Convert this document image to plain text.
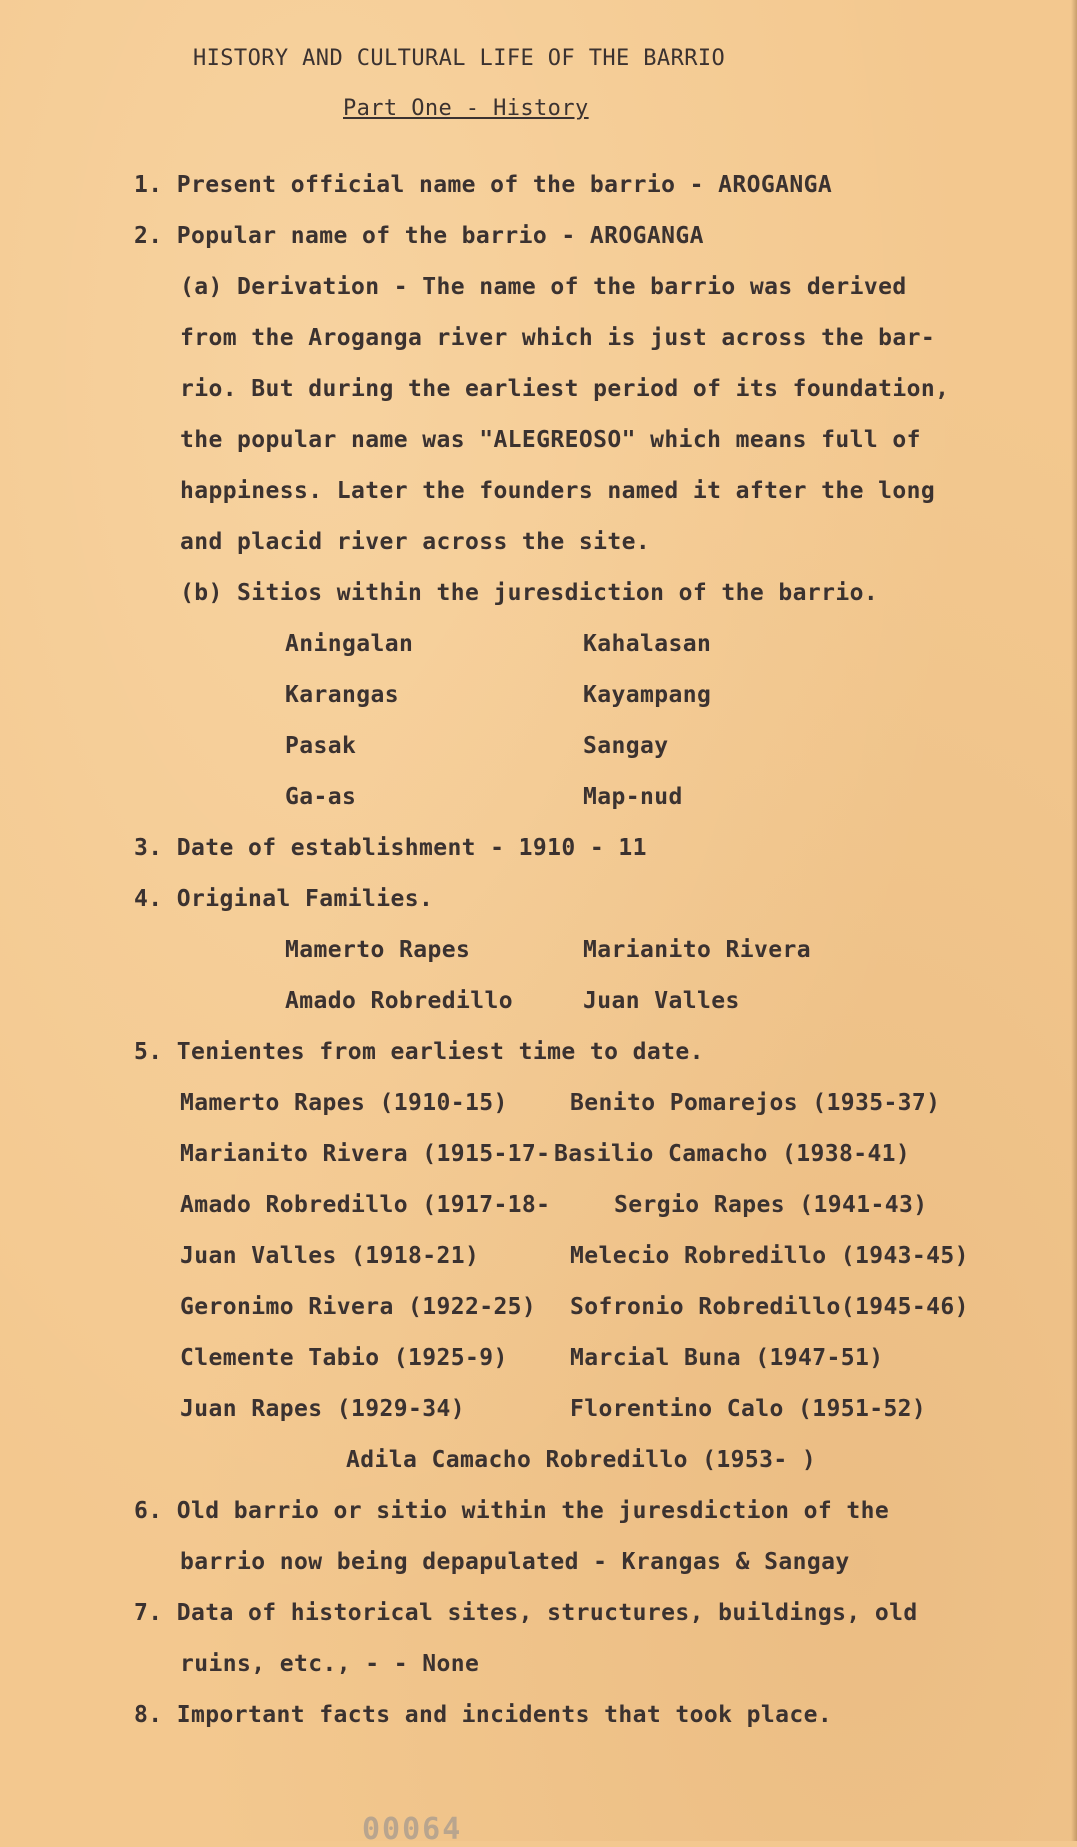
HISTORY AND CULTURAL LIFE OF THE BARRIO
Part One - History
1. Present official name of the barrio - AROGANGA
2. Popular name of the barrio - AROGANGA
(a) Derivation - The name of the barrio was derived
from the Aroganga river which is just across the bar-
rio. But during the earliest period of its foundation,
the popular name was "ALEGREOSO" which means full of
happiness. Later the founders named it after the long
and placid river across the site.
(b) Sitios within the juresdiction of the barrio.
Aningalan	Kahalasan
Karangas	Kayampang
Pasak	Sangay
Ga-as	Map-nud
3. Date of establishment - 1910 - 11
4. Original Families.
Mamerto Rapes	Marianito Rivera
Amado Robredillo	Juan Valles
5. Tenientes from earliest time to date.
Mamerto Rapes (1910-15)	Benito Pomarejos (1935-37)
Marianito Rivera (1915-17- Basilio Camacho (1938-41)
Amado Robredillo (1917-18-	Sergio Rapes (1941-43)
Juan Valles (1918-21)	Melecio Robredillo (1943-45)
Geronimo Rivera (1922-25) Sofronio Robredillo(1945-46)
Clemente Tabio (1925-9)	Marcial Buna (1947-51)
Juan Rapes (1929-34)	Florentino Calo (1951-52)
Adila Camacho Robredillo (1953- )
6. Old barrio or sitio within the juresdiction of the
barrio now being depapulated - Krangas & Sangay
7. Data of historical sites, structures, buildings, old
ruins, etc., - - None
8. Important facts and incidents that took place.
00064
